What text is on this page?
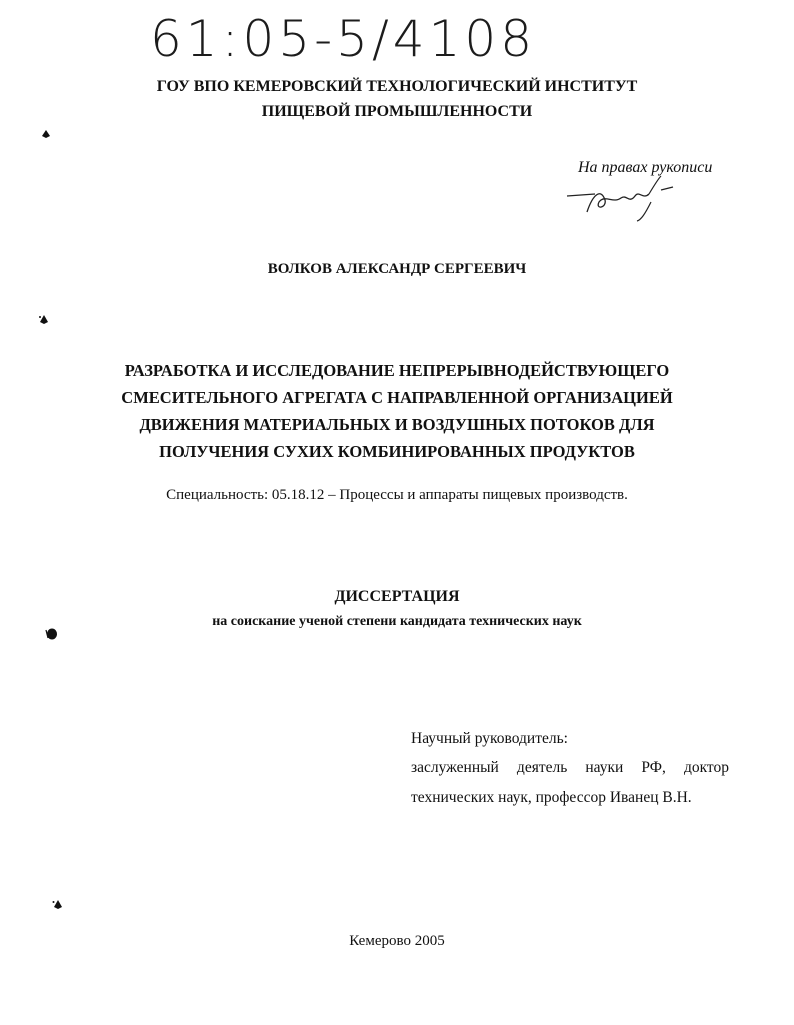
61:05-5/4108
ГОУ ВПО КЕМЕРОВСКИЙ ТЕХНОЛОГИЧЕСКИЙ ИНСТИТУТ
ПИЩЕВОЙ ПРОМЫШЛЕННОСТИ
На правах рукописи
ВОЛКОВ АЛЕКСАНДР СЕРГЕЕВИЧ
РАЗРАБОТКА И ИССЛЕДОВАНИЕ НЕПРЕРЫВНОДЕЙСТВУЮЩЕГО
СМЕСИТЕЛЬНОГО АГРЕГАТА С НАПРАВЛЕННОЙ ОРГАНИЗАЦИЕЙ
ДВИЖЕНИЯ МАТЕРИАЛЬНЫХ И ВОЗДУШНЫХ ПОТОКОВ ДЛЯ
ПОЛУЧЕНИЯ СУХИХ КОМБИНИРОВАННЫХ ПРОДУКТОВ
Специальность: 05.18.12 – Процессы и аппараты пищевых производств.
ДИССЕРТАЦИЯ
на соискание ученой степени кандидата технических наук
Научный руководитель:
заслуженный деятель науки РФ, доктор
технических наук, профессор Иванец В.Н.
Кемерово 2005
